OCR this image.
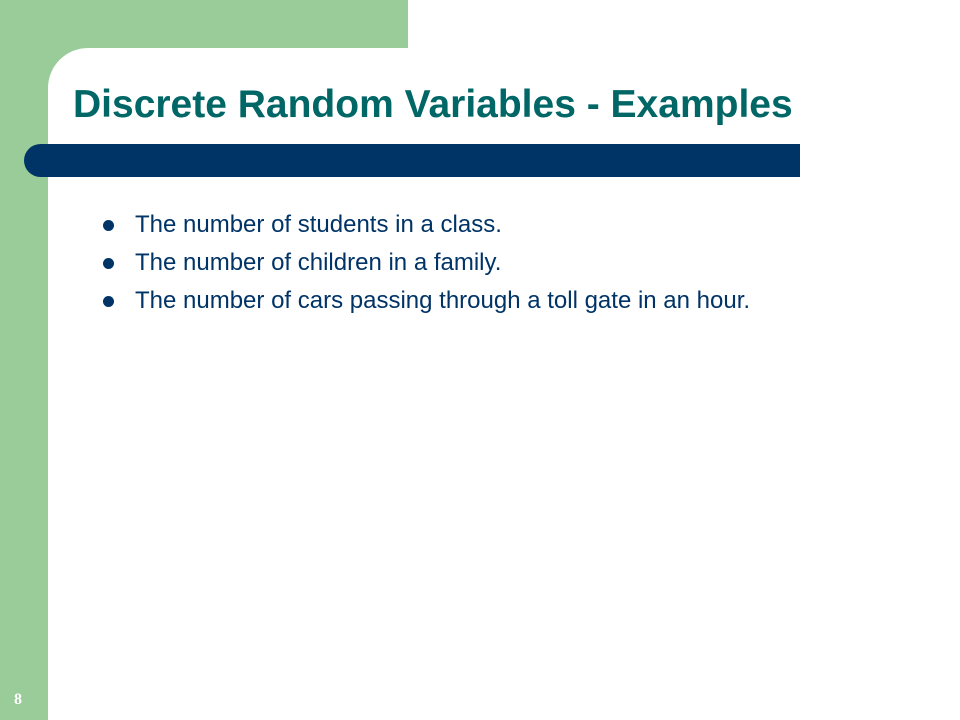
Discrete Random Variables - Examples
The number of students in a class.
The number of children in a family.
The number of cars passing through a toll gate in an hour.
8
